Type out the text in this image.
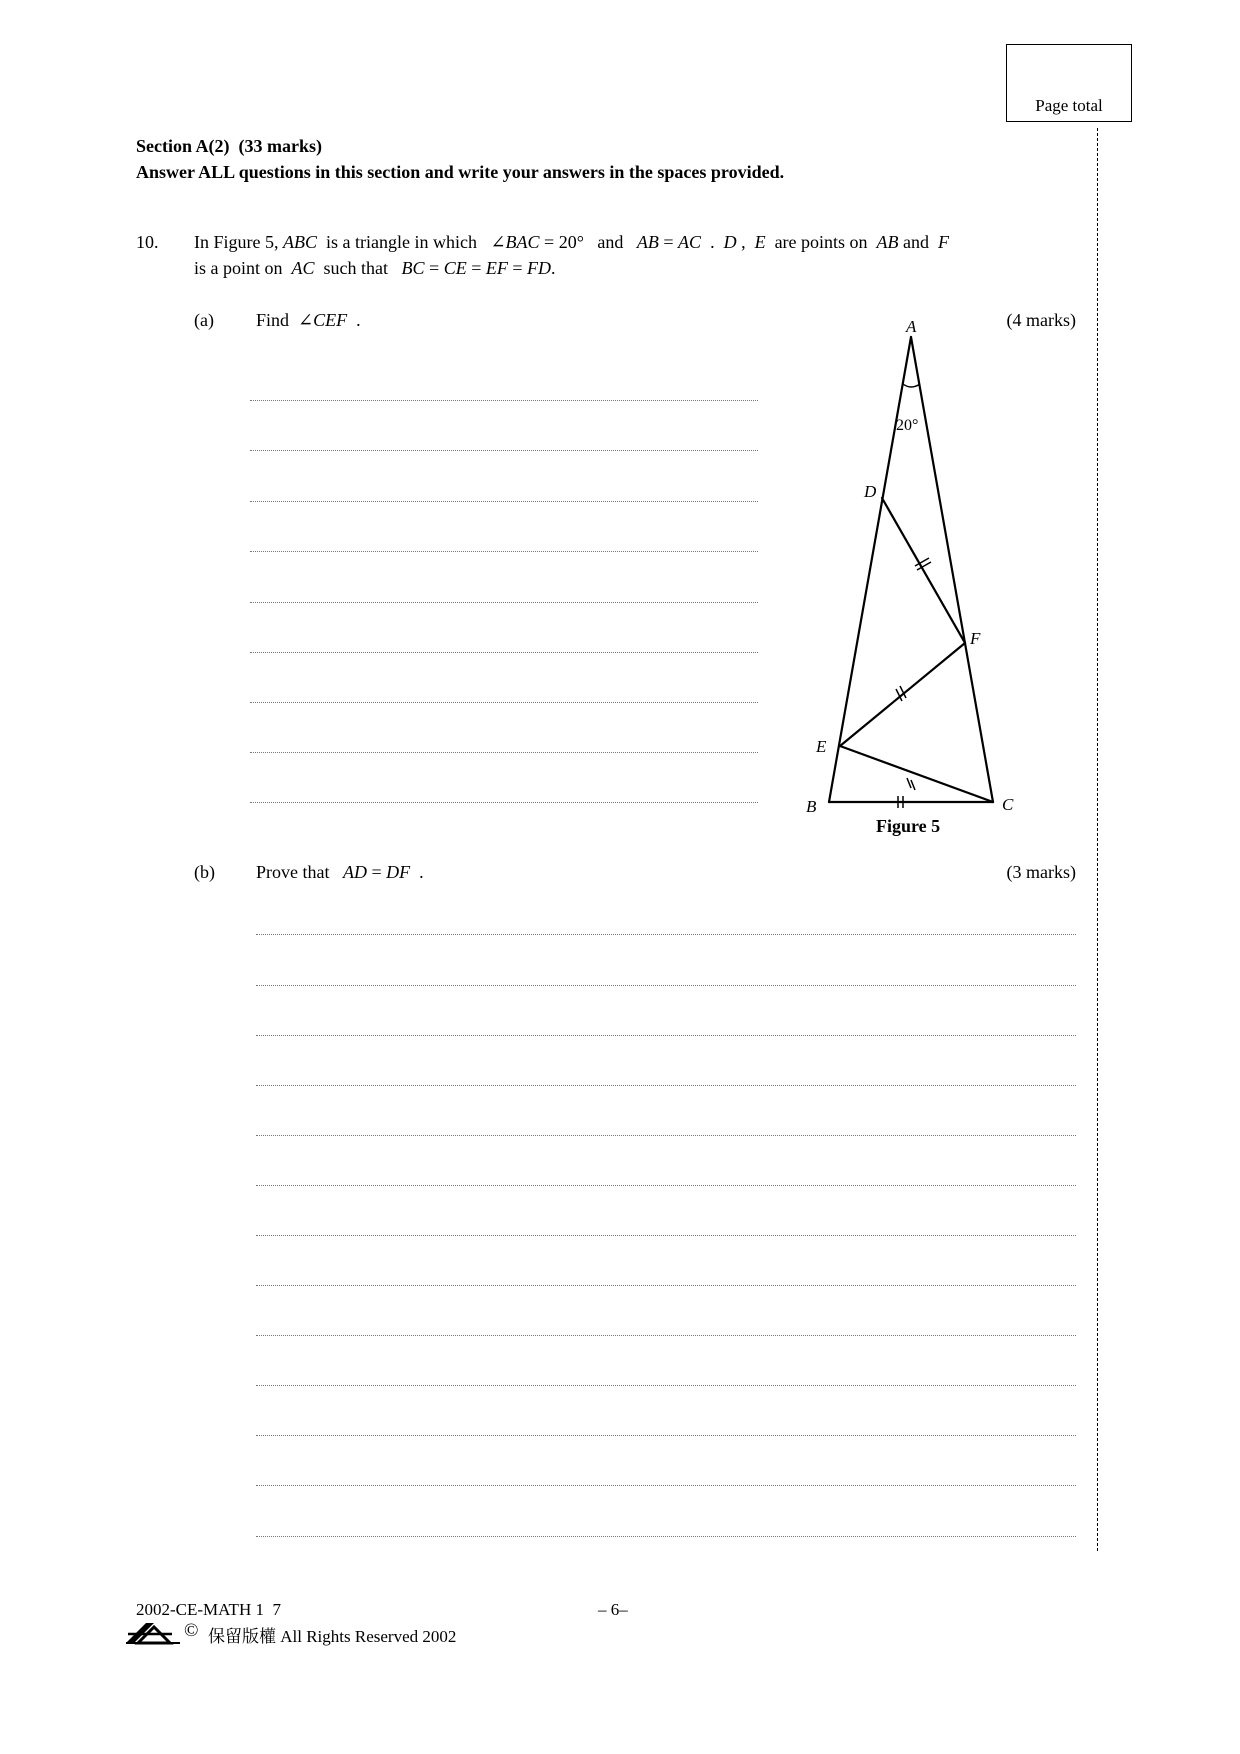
Page total
Section A(2)  (33 marks)
Answer ALL questions in this section and write your answers in the spaces provided.
10. In Figure 5, ABC  is a triangle in which   ∠BAC = 20°   and   AB = AC  .  D ,  E  are points on  AB and  F
is a point on  AC  such that   BC = CE = EF = FD.
(a) Find  ∠CEF  .	(4 marks)
A
B	C
D
E
F
20°
Figure 5
(b) Prove that   AD = DF  .	(3 marks)
2002-CE-MATH 1  7	– 6–
© 保留版權 All Rights Reserved 2002
